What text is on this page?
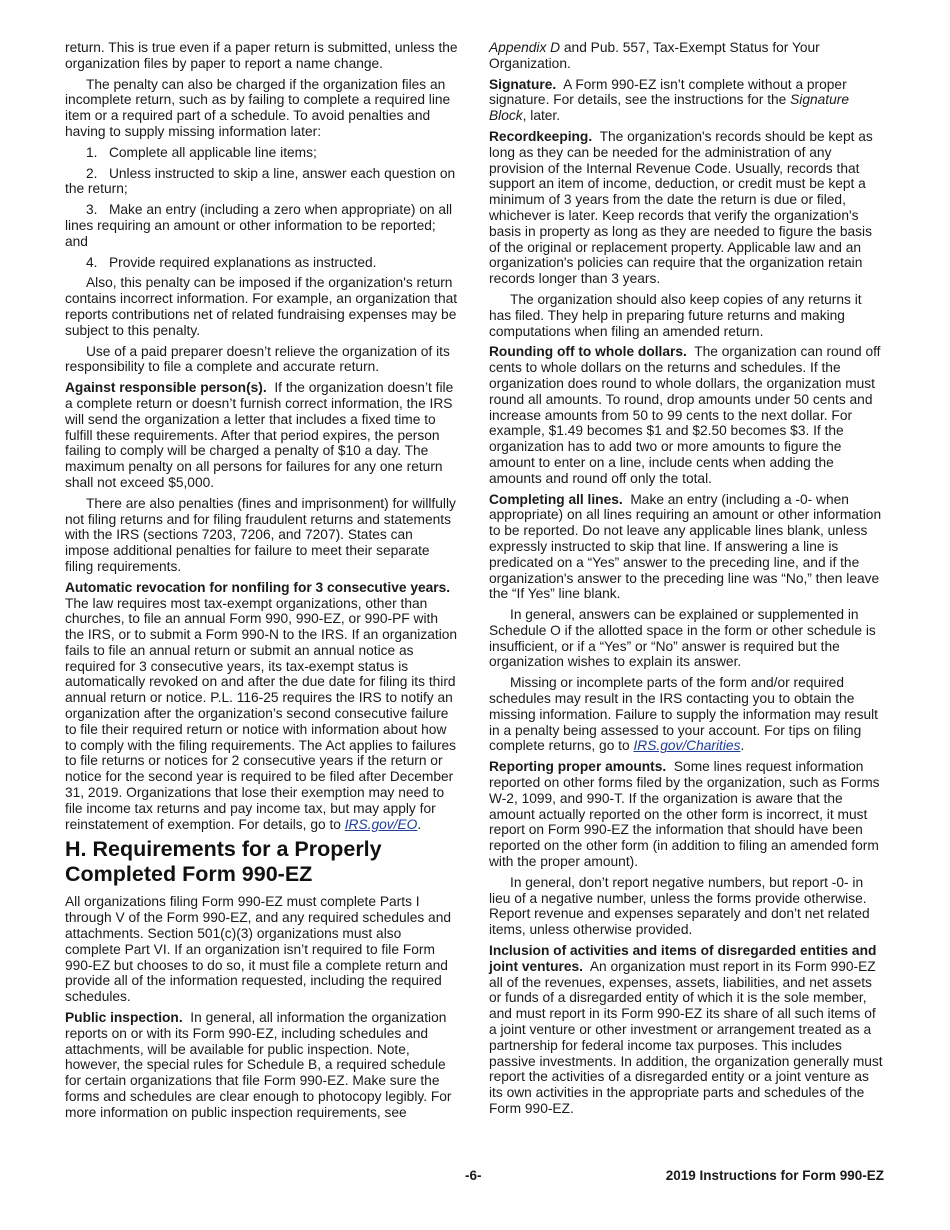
return. This is true even if a paper return is submitted, unless the organization files by paper to report a name change.

The penalty can also be charged if the organization files an incomplete return, such as by failing to complete a required line item or a required part of a schedule. To avoid penalties and having to supply missing information later:

1. Complete all applicable line items;

2. Unless instructed to skip a line, answer each question on the return;

3. Make an entry (including a zero when appropriate) on all lines requiring an amount or other information to be reported; and

4. Provide required explanations as instructed.

Also, this penalty can be imposed if the organization's return contains incorrect information. For example, an organization that reports contributions net of related fundraising expenses may be subject to this penalty.

Use of a paid preparer doesn’t relieve the organization of its responsibility to file a complete and accurate return.

Against responsible person(s). If the organization doesn’t file a complete return or doesn’t furnish correct information, the IRS will send the organization a letter that includes a fixed time to fulfill these requirements. After that period expires, the person failing to comply will be charged a penalty of $10 a day. The maximum penalty on all persons for failures for any one return shall not exceed $5,000.

There are also penalties (fines and imprisonment) for willfully not filing returns and for filing fraudulent returns and statements with the IRS (sections 7203, 7206, and 7207). States can impose additional penalties for failure to meet their separate filing requirements.

Automatic revocation for nonfiling for 3 consecutive years. The law requires most tax-exempt organizations, other than churches, to file an annual Form 990, 990-EZ, or 990-PF with the IRS, or to submit a Form 990-N to the IRS. If an organization fails to file an annual return or submit an annual notice as required for 3 consecutive years, its tax-exempt status is automatically revoked on and after the due date for filing its third annual return or notice. P.L. 116-25 requires the IRS to notify an organization after the organization’s second consecutive failure to file their required return or notice with information about how to comply with the filing requirements. The Act applies to failures to file returns or notices for 2 consecutive years if the return or notice for the second year is required to be filed after December 31, 2019. Organizations that lose their exemption may need to file income tax returns and pay income tax, but may apply for reinstatement of exemption. For details, go to IRS.gov/EO.

H. Requirements for a Properly Completed Form 990-EZ

All organizations filing Form 990-EZ must complete Parts I through V of the Form 990-EZ, and any required schedules and attachments. Section 501(c)(3) organizations must also complete Part VI. If an organization isn’t required to file Form 990-EZ but chooses to do so, it must file a complete return and provide all of the information requested, including the required schedules.

Public inspection. In general, all information the organization reports on or with its Form 990-EZ, including schedules and attachments, will be available for public inspection. Note, however, the special rules for Schedule B, a required schedule for certain organizations that file Form 990-EZ. Make sure the forms and schedules are clear enough to photocopy legibly. For more information on public inspection requirements, see

Appendix D and Pub. 557, Tax-Exempt Status for Your Organization.

Signature. A Form 990-EZ isn’t complete without a proper signature. For details, see the instructions for the Signature Block, later.

Recordkeeping. The organization's records should be kept as long as they can be needed for the administration of any provision of the Internal Revenue Code. Usually, records that support an item of income, deduction, or credit must be kept a minimum of 3 years from the date the return is due or filed, whichever is later. Keep records that verify the organization's basis in property as long as they are needed to figure the basis of the original or replacement property. Applicable law and an organization's policies can require that the organization retain records longer than 3 years.

The organization should also keep copies of any returns it has filed. They help in preparing future returns and making computations when filing an amended return.

Rounding off to whole dollars. The organization can round off cents to whole dollars on the returns and schedules. If the organization does round to whole dollars, the organization must round all amounts. To round, drop amounts under 50 cents and increase amounts from 50 to 99 cents to the next dollar. For example, $1.49 becomes $1 and $2.50 becomes $3. If the organization has to add two or more amounts to figure the amount to enter on a line, include cents when adding the amounts and round off only the total.

Completing all lines. Make an entry (including a -0- when appropriate) on all lines requiring an amount or other information to be reported. Do not leave any applicable lines blank, unless expressly instructed to skip that line. If answering a line is predicated on a “Yes” answer to the preceding line, and if the organization's answer to the preceding line was “No,” then leave the “If Yes” line blank.

In general, answers can be explained or supplemented in Schedule O if the allotted space in the form or other schedule is insufficient, or if a “Yes” or “No” answer is required but the organization wishes to explain its answer.

Missing or incomplete parts of the form and/or required schedules may result in the IRS contacting you to obtain the missing information. Failure to supply the information may result in a penalty being assessed to your account. For tips on filing complete returns, go to IRS.gov/Charities.

Reporting proper amounts. Some lines request information reported on other forms filed by the organization, such as Forms W-2, 1099, and 990-T. If the organization is aware that the amount actually reported on the other form is incorrect, it must report on Form 990-EZ the information that should have been reported on the other form (in addition to filing an amended form with the proper amount).

In general, don’t report negative numbers, but report -0- in lieu of a negative number, unless the forms provide otherwise. Report revenue and expenses separately and don’t net related items, unless otherwise provided.

Inclusion of activities and items of disregarded entities and joint ventures. An organization must report in its Form 990-EZ all of the revenues, expenses, assets, liabilities, and net assets or funds of a disregarded entity of which it is the sole member, and must report in its Form 990-EZ its share of all such items of a joint venture or other investment or arrangement treated as a partnership for federal income tax purposes. This includes passive investments. In addition, the organization generally must report the activities of a disregarded entity or a joint venture as its own activities in the appropriate parts and schedules of the Form 990-EZ.

-6-	2019 Instructions for Form 990-EZ
